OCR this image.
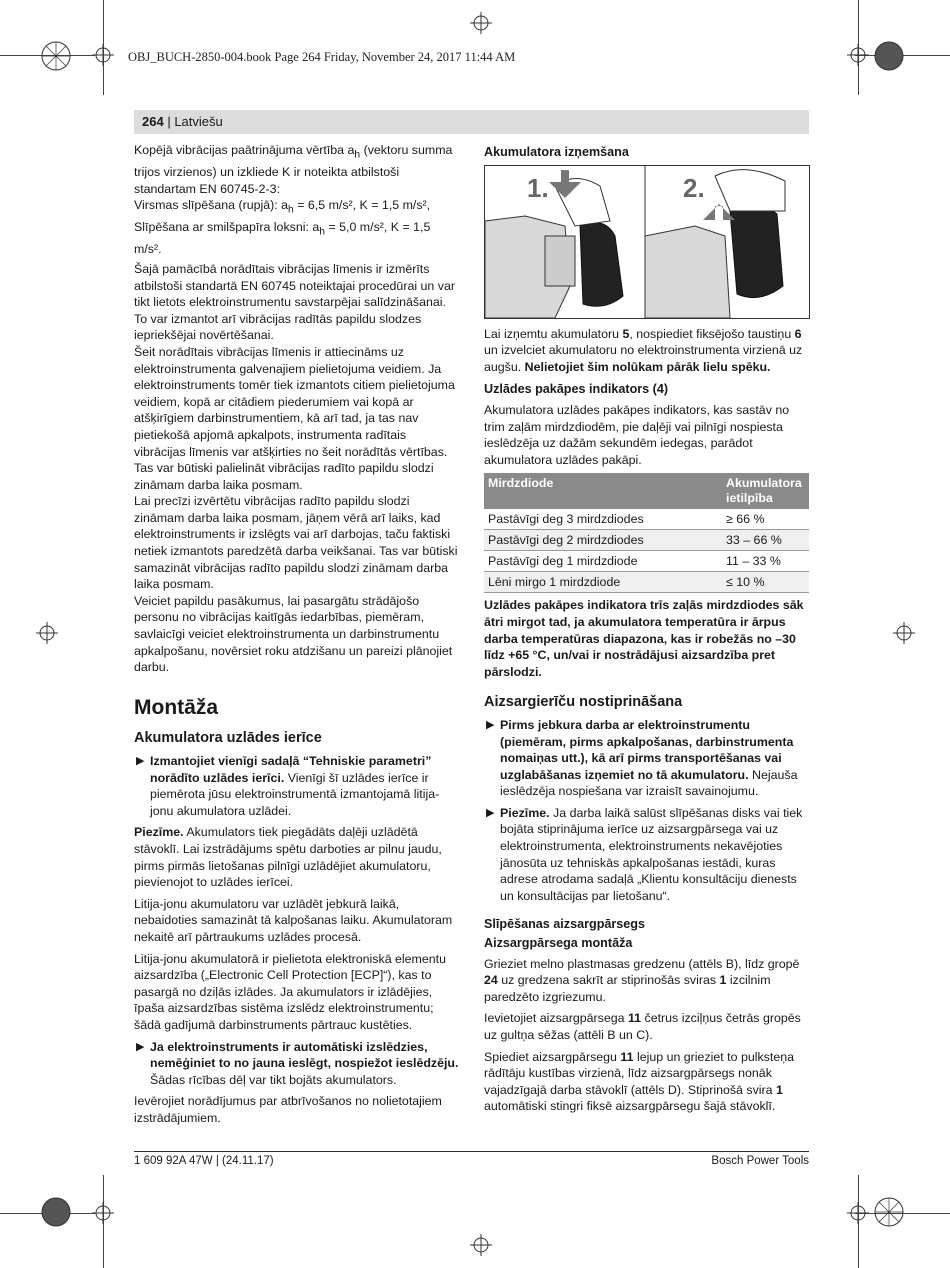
OBJ_BUCH-2850-004.book Page 264 Friday, November 24, 2017 11:44 AM
264 | Latviešu

Kopējā vibrācijas paātrinājuma vērtība $a_h$ (vektoru summa trijos virzienos) un izkliede K ir noteikta atbilstoši standartam EN 60745-2-3:
Virsmas slīpēšana (rupjā): $a_h = 6,5$ m/s², K = 1,5 m/s²,
Slīpēšana ar smilšpapīra loksni: $a_h = 5,0$ m/s², K = 1,5 m/s².

Šajā pamācībā norādītais vibrācijas līmenis ir izmērīts atbilstoši standartā EN 60745 noteiktajai procedūrai un var tikt lietots elektroinstrumentu savstarpējai salīdzināšanai. To var izmantot arī vibrācijas radītās papildu slodzes iepriekšējai novērtēšanai.

Šeit norādītais vibrācijas līmenis ir attiecināms uz elektroinstrumenta galvenajiem pielietojuma veidiem. Ja elektroinstruments tomēr tiek izmantots citiem pielietojuma veidiem, kopā ar citādiem piederumiem vai kopā ar atšķirīgiem darbinstrumentiem, kā arī tad, ja tas nav pietiekošā apjomā apkalpots, instrumenta radītais vibrācijas līmenis var atšķirties no šeit norādītās vērtības. Tas var būtiski palielināt vibrācijas radīto papildu slodzi zināmam darba laika posmam.

Lai precīzi izvērtētu vibrācijas radīto papildu slodzi zināmam darba laika posmam, jāņem vērā arī laiks, kad elektroinstruments ir izslēgts vai arī darbojas, taču faktiski netiek izmantots paredzētā darba veikšanai. Tas var būtiski samazināt vibrācijas radīto papildu slodzi zināmam darba laika posmam.

Veiciet papildu pasākumus, lai pasargātu strādājošo personu no vibrācijas kaitīgās iedarbības, piemēram, savlaicīgi veiciet elektroinstrumenta un darbinstrumentu apkalpošanu, novērsiet roku atdzišanu un pareizi plānojiet darbu.

Montāža
Akumulatora uzlādes ierīce
▶ Izmantojiet vienīgi sadaļā “Tehniskie parametri” norādīto uzlādes ierīci. Vienīgi šī uzlādes ierīce ir piemērota jūsu elektroinstrumentā izmantojamā litija-jonu akumulatora uzlādei.

Piezīme. Akumulators tiek piegādāts daļēji uzlādētā stāvoklī. Lai izstrādājums spētu darboties ar pilnu jaudu, pirms pirmās lietošanas pilnīgi uzlādējiet akumulatoru, pievienojot to uzlādes ierīcei.

Litija-jonu akumulatoru var uzlādēt jebkurā laikā, nebaidoties samazināt tā kalpošanas laiku. Akumulatoram nekaitē arī pārtraukums uzlādes procesā.

Litija-jonu akumulatorā ir pielietota elektroniskā elementu aizsardzība („Electronic Cell Protection [ECP]“), kas to pasargā no dziļās izlādes. Ja akumulators ir izlādējies, īpaša aizsardzības sistēma izslēdz elektroinstrumentu; šādā gadījumā darbinstruments pārtrauc kustēties.

▶ Ja elektroinstruments ir automātiski izslēdzies, nemēģiniet to no jauna ieslēgt, nospiežot ieslēdzēju. Šādas rīcības dēļ var tikt bojāts akumulators.

Ievērojiet norādījumus par atbrīvošanos no nolietotajiem izstrādājumiem.

Akumulatora izņemšana
1.	2.

Lai izņemtu akumulatoru 5, nospiediet fiksējošo taustiņu 6 un izvelciet akumulatoru no elektroinstrumenta virzienā uz augšu. Nelietojiet šim nolūkam pārāk lielu spēku.

Uzlādes pakāpes indikators (4)

Akumulatora uzlādes pakāpes indikators, kas sastāv no trim zaļām mirdzdiodēm, pie daļēji vai pilnīgi nospiesta ieslēdzēja uz dažām sekundēm iedegas, parādot akumulatora uzlādes pakāpi.

Mirdzdiode	Akumulatora ietilpība
Pastāvīgi deg 3 mirdzdiodes	≥ 66 %
Pastāvīgi deg 2 mirdzdiodes	33 – 66 %
Pastāvīgi deg 1 mirdzdiode	11 – 33 %
Lēni mirgo 1 mirdzdiode	≤ 10 %

Uzlādes pakāpes indikatora trīs zaļās mirdzdiodes sāk ātri mirgot tad, ja akumulatora temperatūra ir ārpus darba temperatūras diapazona, kas ir robežās no –30 līdz +65 °C, un/vai ir nostrādājusi aizsardzība pret pārslodzi.

Aizsargierīču nostiprināšana
▶ Pirms jebkura darba ar elektroinstrumentu (piemēram, pirms apkalpošanas, darbinstrumenta nomaiņas utt.), kā arī pirms transportēšanas vai uzglabāšanas izņemiet no tā akumulatoru. Nejauša ieslēdzēja nospiešana var izraisīt savainojumu.
▶ Piezīme. Ja darba laikā salūst slīpēšanas disks vai tiek bojāta stiprinājuma ierīce uz aizsargpārsega vai uz elektroinstrumenta, elektroinstruments nekavējoties jānosūta uz tehniskās apkalpošanas iestādi, kuras adrese atrodama sadaļā „Klientu konsultāciju dienests un konsultācijas par lietošanu“.
Slīpēšanas aizsargpārsegs
Aizsargpārsega montāža

Grieziet melno plastmasas gredzenu (attēls B), līdz gropē 24 uz gredzena sakrīt ar stiprinošās sviras 1 izcilnim paredzēto izgriezumu.

Ievietojiet aizsargpārsega 11 četrus izciļņus četrās gropēs uz gultņa sēžas (attēli B un C).

Spiediet aizsargpārsegu 11 lejup un grieziet to pulksteņa rādītāju kustības virzienā, līdz aizsargpārsegs nonāk vajadzīgajā darba stāvoklī (attēls D). Stiprinošā svira 1 automātiski stingri fiksē aizsargpārsegu šajā stāvoklī.

1 609 92A 47W | (24.11.17)	Bosch Power Tools
